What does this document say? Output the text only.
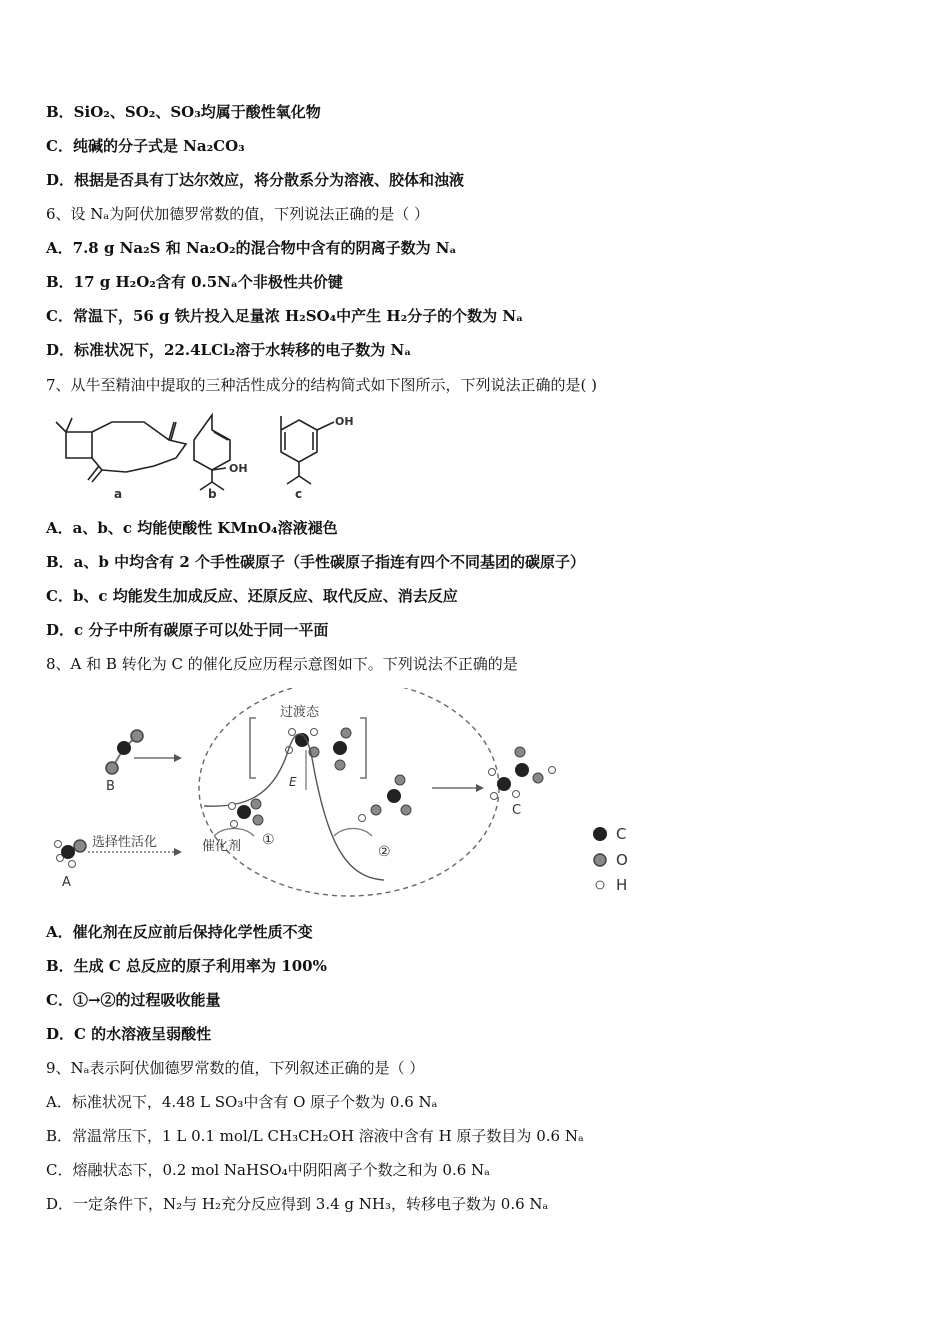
B．SiO₂、SO₂、SO₃均属于酸性氧化物
C．纯碱的分子式是 Na₂CO₃
D．根据是否具有丁达尔效应，将分散系分为溶液、胶体和浊液
6、设 Nₐ为阿伏加德罗常数的值，下列说法正确的是（ ）
A．7.8 g Na₂S 和 Na₂O₂的混合物中含有的阴离子数为 Nₐ
B．17 g H₂O₂含有 0.5Nₐ个非极性共价键
C．常温下，56 g 铁片投入足量浓 H₂SO₄中产生 H₂分子的个数为 Nₐ
D．标准状况下，22.4LCl₂溶于水转移的电子数为 Nₐ
7、从牛至精油中提取的三种活性成分的结构简式如下图所示，下列说法正确的是( )
OH
OH
a	b	c
A．a、b、c 均能使酸性 KMnO₄溶液褪色
B．a、b 中均含有 2 个手性碳原子（手性碳原子指连有四个不同基团的碳原子）
C．b、c 均能发生加成反应、还原反应、取代反应、消去反应
D．c 分子中所有碳原子可以处于同一平面
8、A 和 B 转化为 C 的催化反应历程示意图如下。下列说法不正确的是
B
A
选择性活化
过渡态
E
催化剂 ①
②
C
C
O
H
A．催化剂在反应前后保持化学性质不变
B．生成 C 总反应的原子利用率为 100%
C．①→②的过程吸收能量
D．C 的水溶液呈弱酸性
9、Nₐ表示阿伏伽德罗常数的值，下列叙述正确的是（ ）
A．标准状况下，4.48 L SO₃中含有 O 原子个数为 0.6 Nₐ
B．常温常压下，1 L 0.1 mol/L CH₃CH₂OH 溶液中含有 H 原子数目为 0.6 Nₐ
C．熔融状态下，0.2 mol NaHSO₄中阴阳离子个数之和为 0.6 Nₐ
D．一定条件下，N₂与 H₂充分反应得到 3.4 g NH₃，转移电子数为 0.6 Nₐ
